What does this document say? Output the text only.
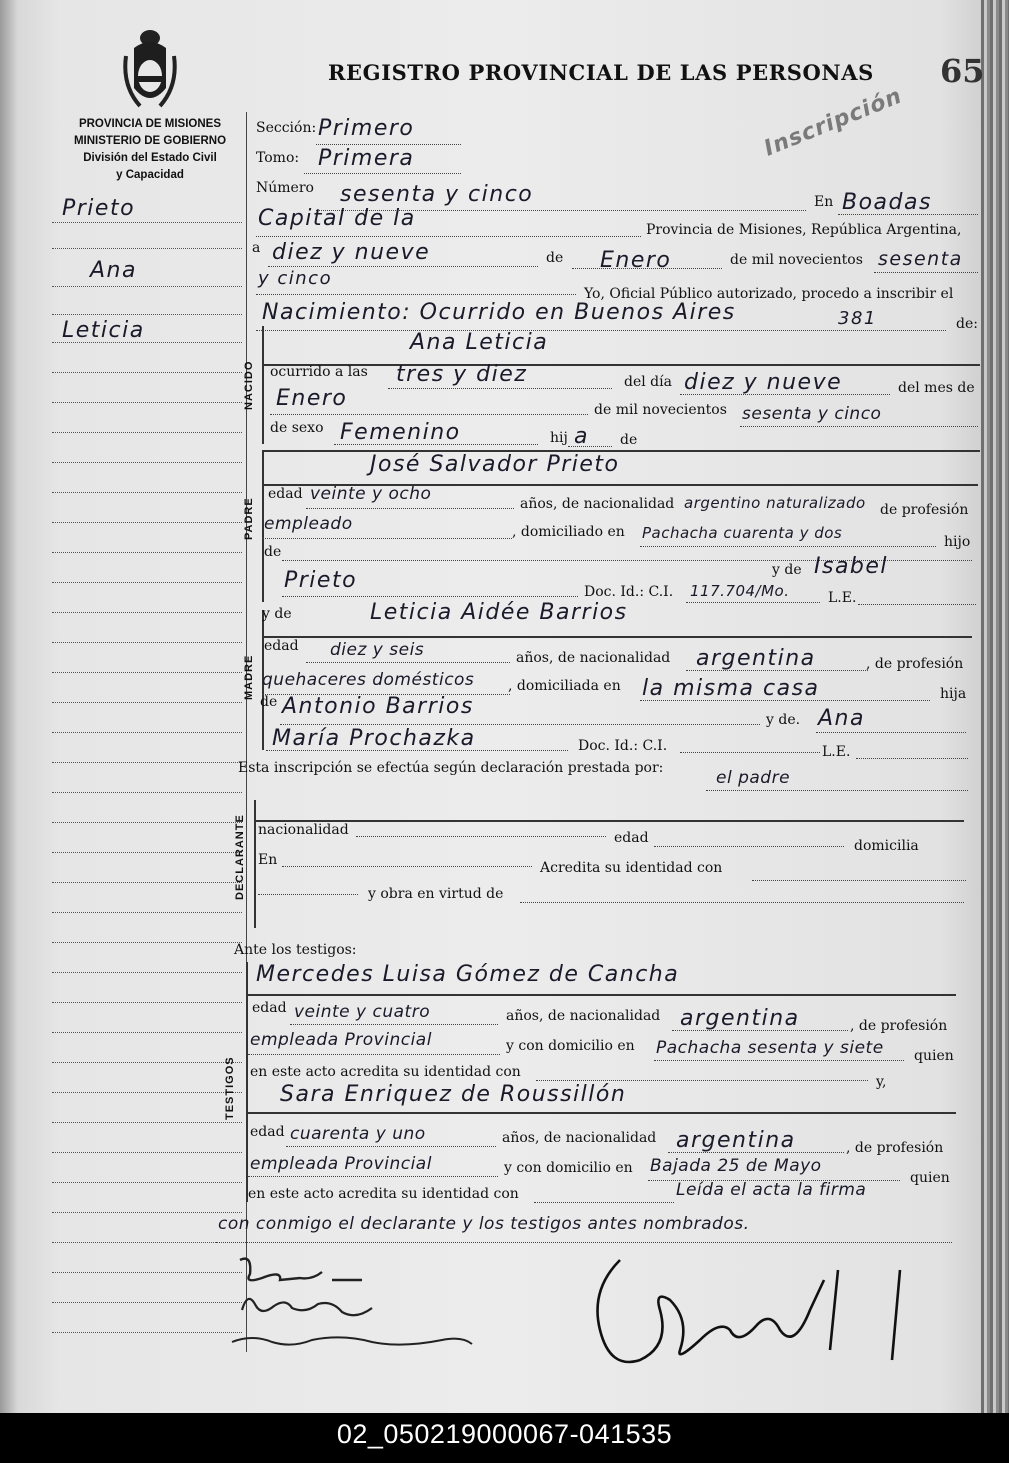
REGISTRO PROVINCIAL DE LAS PERSONAS 65
Inscripción
PROVINCIA DE MISIONES
MINISTERIO DE GOBIERNO
División del Estado Civil
y Capacidad
Prieto
Ana
Leticia
Sección: Primero
Tomo: Primera
Número sesenta y cinco	En Boadas
Capital de la	Provincia de Misiones, República Argentina,
a diez y nueve	de Enero	de mil novecientos sesenta
y cinco
Yo, Oficial Público autorizado, procedo a inscribir el
Nacimiento: Ocurrido en Buenos Aires	381	de:
NACIDO
Ana Leticia
ocurrido a las tres y diez	del día diez y nueve	del mes de
Enero	de mil novecientos sesenta y cinco
de sexo Femenino	hij a de
PADRE
José Salvador Prieto
edad veinte y ocho	años, de nacionalidad argentino naturalizado de profesión
empleado	, domiciliado en Pachacha cuarenta y dos	hijo
de
y de Isabel
Prieto	Doc. Id.: C.I. 117.704/Mo.	L.E.
MADRE
y de	Leticia Aidée Barrios
edad diez y seis	años, de nacionalidad argentina	, de profesión
quehaceres domésticos , domiciliada en la misma casa	hija
de Antonio Barrios
y de. Ana
María Prochazka	Doc. Id.: C.I.	L.E.
Esta inscripción se efectúa según declaración prestada por:	el padre
DECLARANTE nacionalidad	edad	domicilia
En	Acredita su identidad con
y obra en virtud de
Ante los testigos:
TESTIGOS
Mercedes Luisa Gómez de Cancha
edad veinte y cuatro	años, de nacionalidad argentina	, de profesión
empleada Provincial	y con domicilio en Pachacha sesenta y siete quien
en este acto acredita su identidad con
y,
Sara Enriquez de Roussillón
edad cuarenta y uno	años, de nacionalidad argentina	, de profesión
empleada Provincial	y con domicilio en Bajada 25 de Mayo
quien
en este acto acredita su identidad con	Leída el acta la firma
con conmigo el declarante y los testigos antes nombrados.
02_050219000067-041535
